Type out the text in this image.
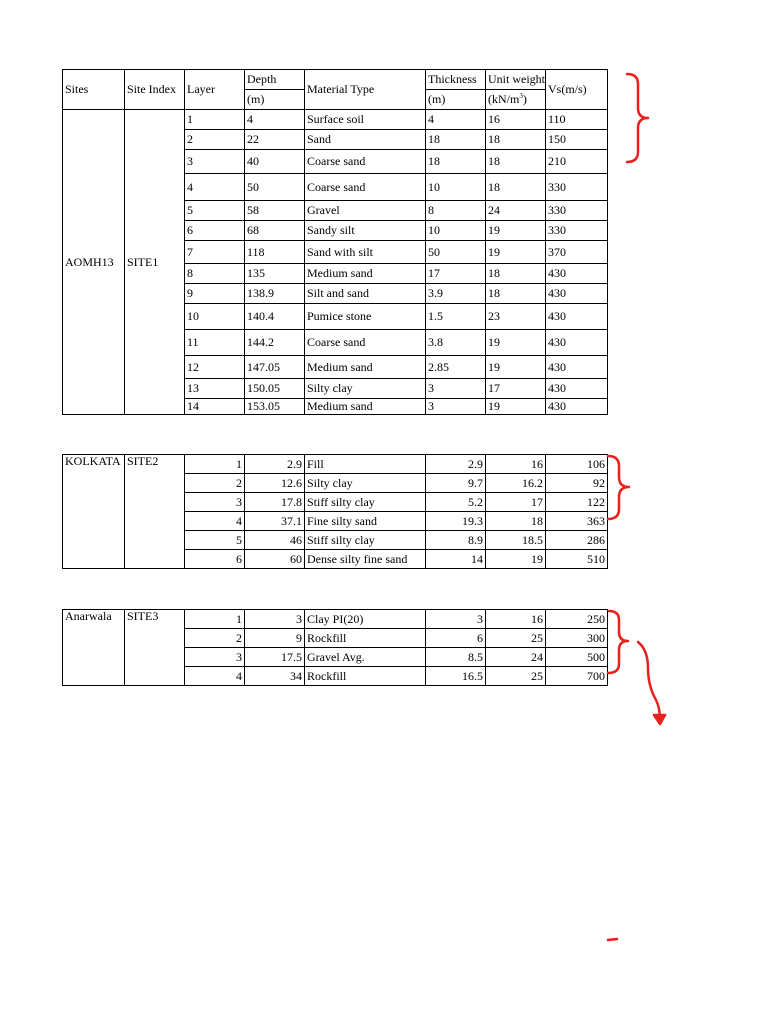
Sites	Site Index	Layer	Depth	Material Type	Thickness	Unit weight	Vs(m/s)
			(m)		(m)	$(kN/m^3)$	
AOMH13	SITE1	1	4	Surface soil	4	16	110
		2	22	Sand	18	18	150
		3	40	Coarse sand	18	18	210
		4	50	Coarse sand	10	18	330
		5	58	Gravel	8	24	330
		6	68	Sandy silt	10	19	330
		7	118	Sand with silt	50	19	370
		8	135	Medium sand	17	18	430
		9	138.9	Silt and sand	3.9	18	430
		10	140.4	Pumice stone	1.5	23	430
		11	144.2	Coarse sand	3.8	19	430
		12	147.05	Medium sand	2.85	19	430
		13	150.05	Silty clay	3	17	430
		14	153.05	Medium sand	3	19	430
KOLKATA	SITE2	1	2.9	Fill	2.9	16	106
		2	12.6	Silty clay	9.7	16.2	92
		3	17.8	Stiff silty clay	5.2	17	122
		4	37.1	Fine silty sand	19.3	18	363
		5	46	Stiff silty clay	8.9	18.5	286
		6	60	Dense silty fine sand	14	19	510
Anarwala	SITE3	1	3	Clay PI(20)	3	16	250
		2	9	Rockfill	6	25	300
		3	17.5	Gravel Avg.	8.5	24	500
		4	34	Rockfill	16.5	25	700
